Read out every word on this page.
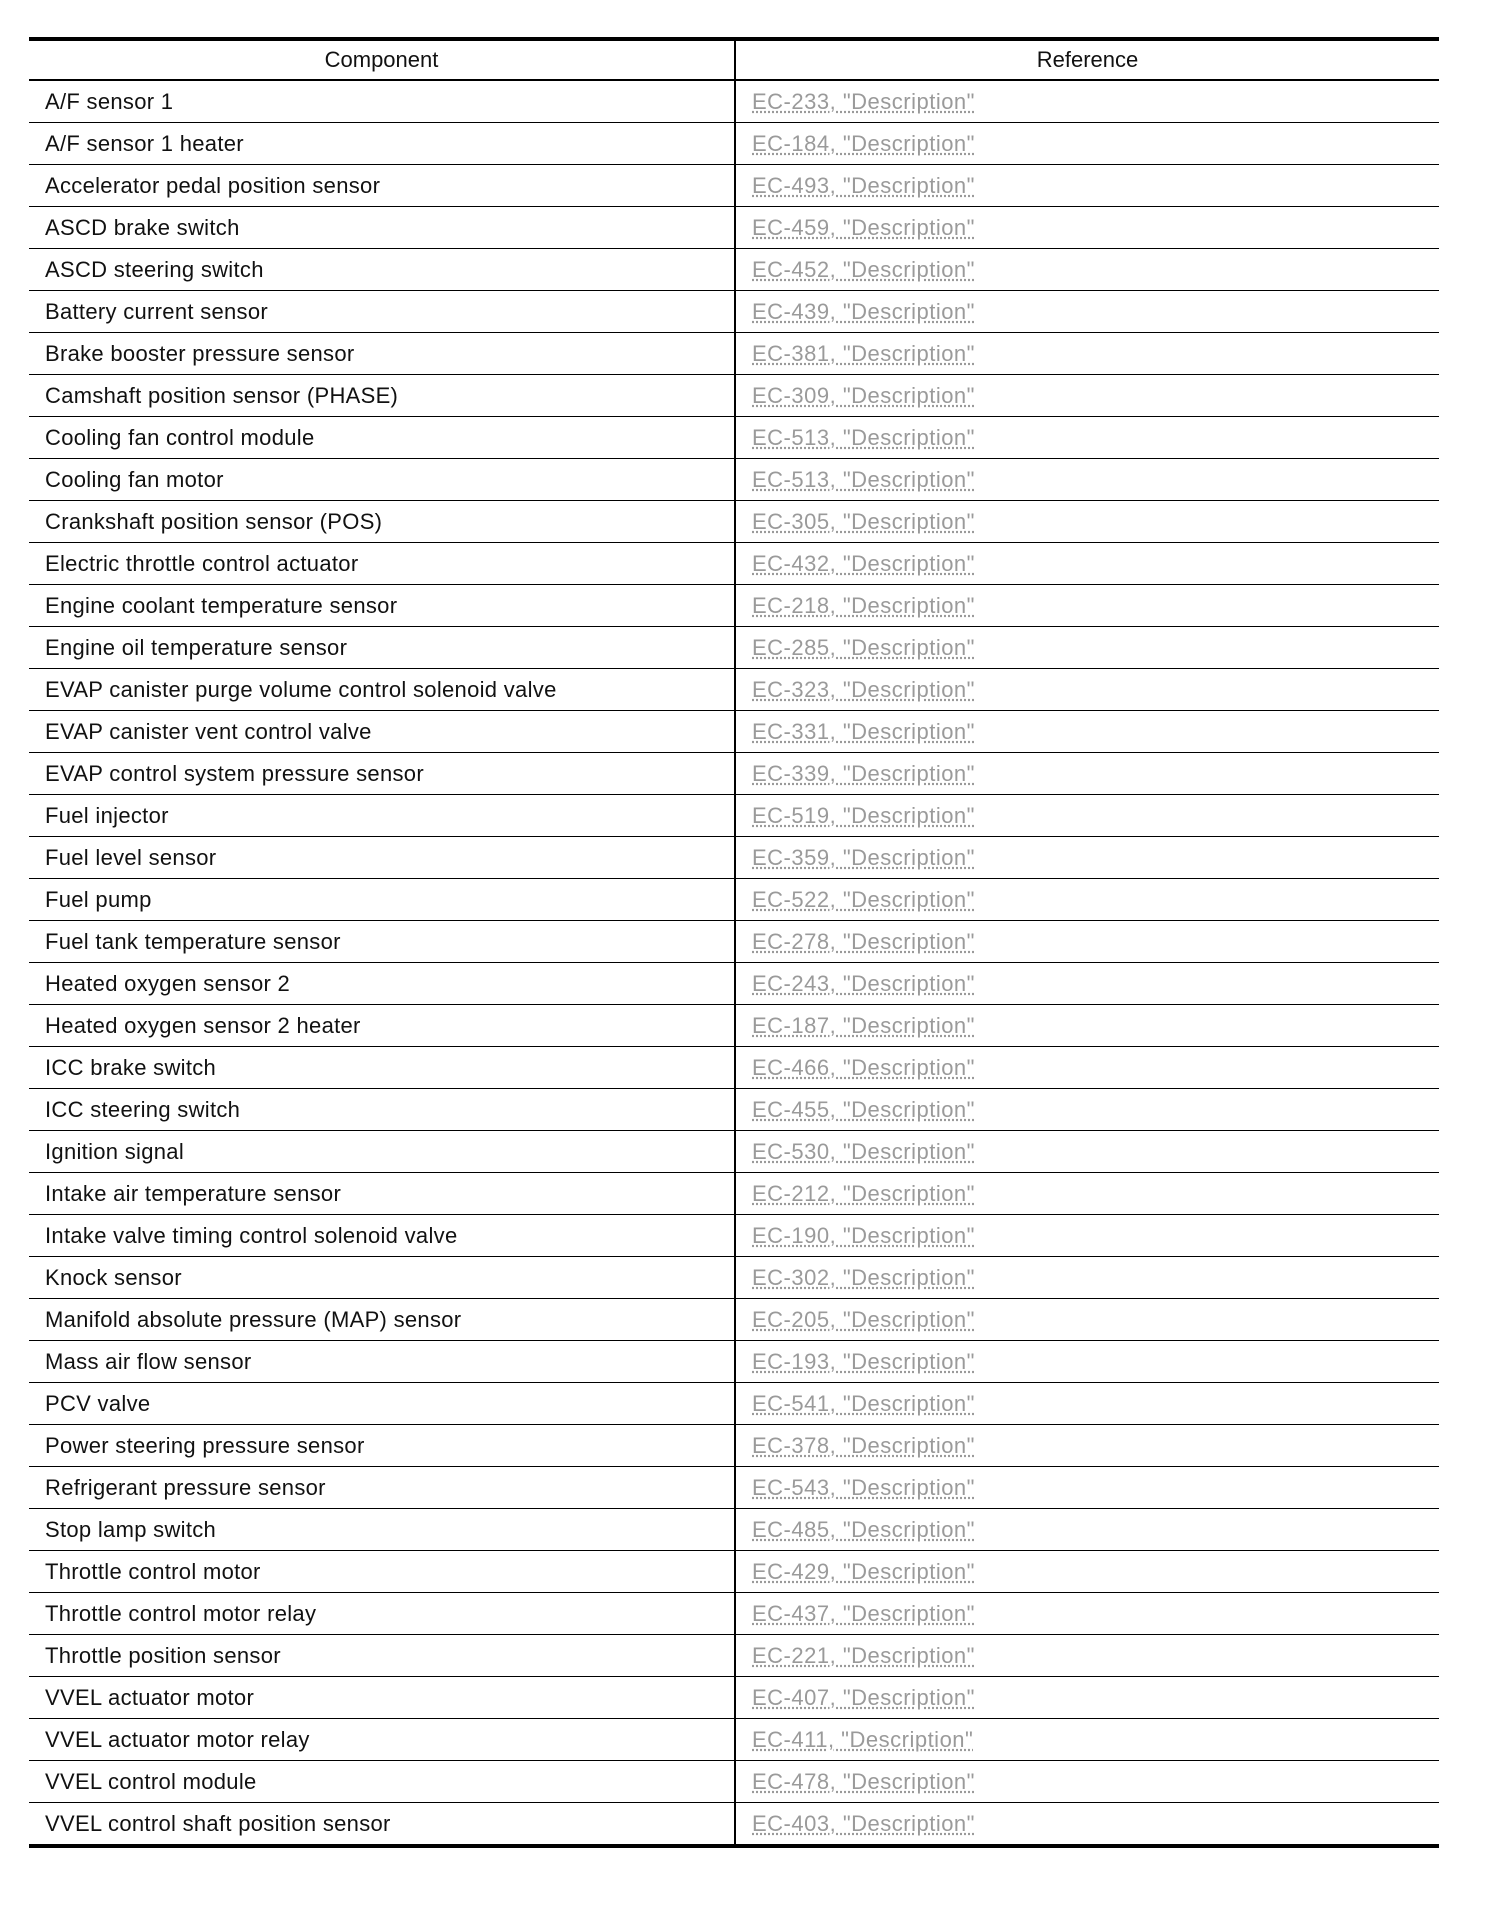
Component	Reference
A/F sensor 1	EC-233, "Description"
A/F sensor 1 heater	EC-184, "Description"
Accelerator pedal position sensor	EC-493, "Description"
ASCD brake switch	EC-459, "Description"
ASCD steering switch	EC-452, "Description"
Battery current sensor	EC-439, "Description"
Brake booster pressure sensor	EC-381, "Description"
Camshaft position sensor (PHASE)	EC-309, "Description"
Cooling fan control module	EC-513, "Description"
Cooling fan motor	EC-513, "Description"
Crankshaft position sensor (POS)	EC-305, "Description"
Electric throttle control actuator	EC-432, "Description"
Engine coolant temperature sensor	EC-218, "Description"
Engine oil temperature sensor	EC-285, "Description"
EVAP canister purge volume control solenoid valve	EC-323, "Description"
EVAP canister vent control valve	EC-331, "Description"
EVAP control system pressure sensor	EC-339, "Description"
Fuel injector	EC-519, "Description"
Fuel level sensor	EC-359, "Description"
Fuel pump	EC-522, "Description"
Fuel tank temperature sensor	EC-278, "Description"
Heated oxygen sensor 2	EC-243, "Description"
Heated oxygen sensor 2 heater	EC-187, "Description"
ICC brake switch	EC-466, "Description"
ICC steering switch	EC-455, "Description"
Ignition signal	EC-530, "Description"
Intake air temperature sensor	EC-212, "Description"
Intake valve timing control solenoid valve	EC-190, "Description"
Knock sensor	EC-302, "Description"
Manifold absolute pressure (MAP) sensor	EC-205, "Description"
Mass air flow sensor	EC-193, "Description"
PCV valve	EC-541, "Description"
Power steering pressure sensor	EC-378, "Description"
Refrigerant pressure sensor	EC-543, "Description"
Stop lamp switch	EC-485, "Description"
Throttle control motor	EC-429, "Description"
Throttle control motor relay	EC-437, "Description"
Throttle position sensor	EC-221, "Description"
VVEL actuator motor	EC-407, "Description"
VVEL actuator motor relay	EC-411, "Description"
VVEL control module	EC-478, "Description"
VVEL control shaft position sensor	EC-403, "Description"
